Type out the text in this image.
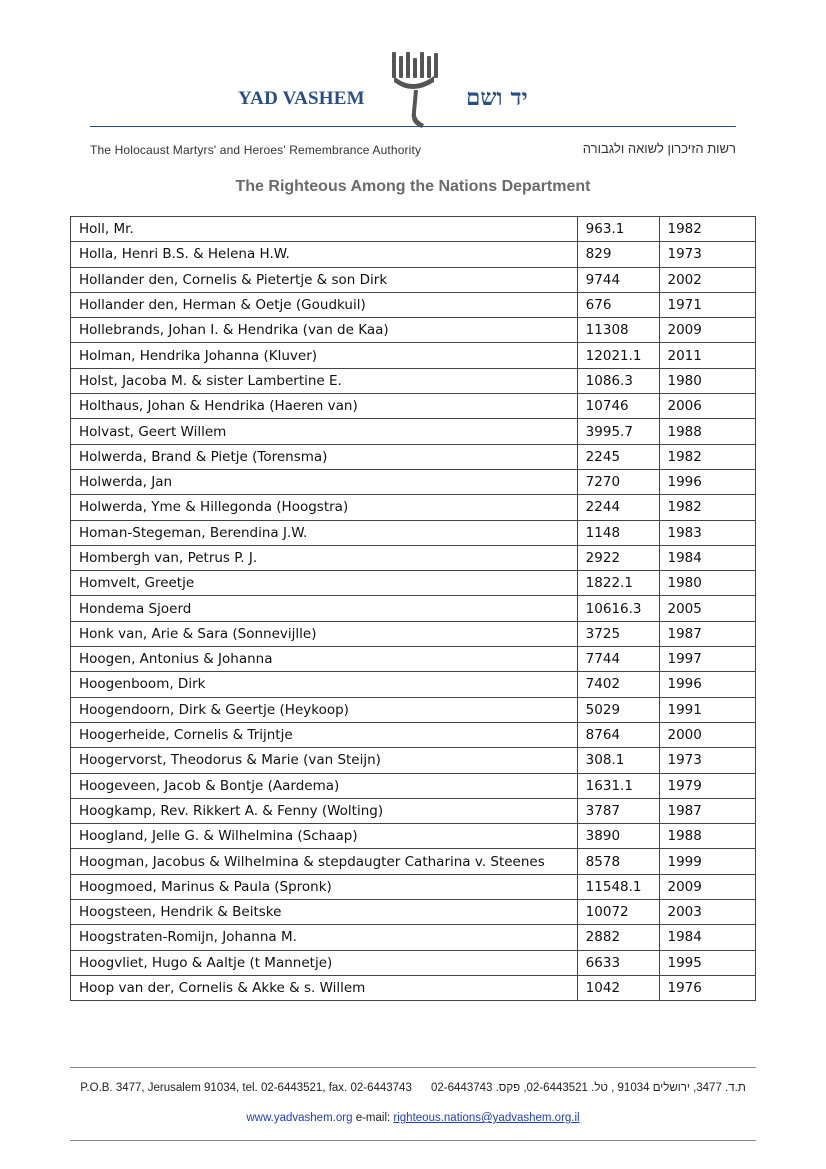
YAD VASHEM	יד ושם
The Holocaust Martyrs' and Heroes' Remembrance Authority	רשות הזיכרון לשואה ולגבורה
The Righteous Among the Nations Department
Holl, Mr.	963.1	1982
Holla, Henri B.S. & Helena H.W.	829	1973
Hollander den, Cornelis & Pietertje & son Dirk	9744	2002
Hollander den, Herman & Oetje (Goudkuil)	676	1971
Hollebrands, Johan I. & Hendrika (van de Kaa)	11308	2009
Holman, Hendrika Johanna (Kluver)	12021.1	2011
Holst, Jacoba M. & sister Lambertine E.	1086.3	1980
Holthaus, Johan & Hendrika (Haeren van)	10746	2006
Holvast, Geert Willem	3995.7	1988
Holwerda, Brand & Pietje (Torensma)	2245	1982
Holwerda, Jan	7270	1996
Holwerda, Yme & Hillegonda (Hoogstra)	2244	1982
Homan-Stegeman, Berendina J.W.	1148	1983
Hombergh van, Petrus P. J.	2922	1984
Homvelt, Greetje	1822.1	1980
Hondema Sjoerd	10616.3	2005
Honk van, Arie & Sara (Sonnevijlle)	3725	1987
Hoogen, Antonius & Johanna	7744	1997
Hoogenboom, Dirk	7402	1996
Hoogendoorn, Dirk & Geertje (Heykoop)	5029	1991
Hoogerheide, Cornelis & Trijntje	8764	2000
Hoogervorst, Theodorus & Marie (van Steijn)	308.1	1973
Hoogeveen, Jacob & Bontje (Aardema)	1631.1	1979
Hoogkamp, Rev. Rikkert A. & Fenny (Wolting)	3787	1987
Hoogland, Jelle G. & Wilhelmina (Schaap)	3890	1988
Hoogman, Jacobus & Wilhelmina & stepdaugter Catharina v. Steenes	8578	1999
Hoogmoed, Marinus & Paula (Spronk)	11548.1	2009
Hoogsteen, Hendrik & Beitske	10072	2003
Hoogstraten-Romijn, Johanna M.	2882	1984
Hoogvliet, Hugo & Aaltje (t Mannetje)	6633	1995
Hoop van der, Cornelis & Akke & s. Willem	1042	1976
P.O.B. 3477, Jerusalem 91034, tel. 02-6443521, fax. 02-6443743 ת.ד. 3477, ירושלים 91034 , טל. 02-6443521, פקס. 02-6443743
www.yadvashem.org e-mail: righteous.nations@yadvashem.org.il
